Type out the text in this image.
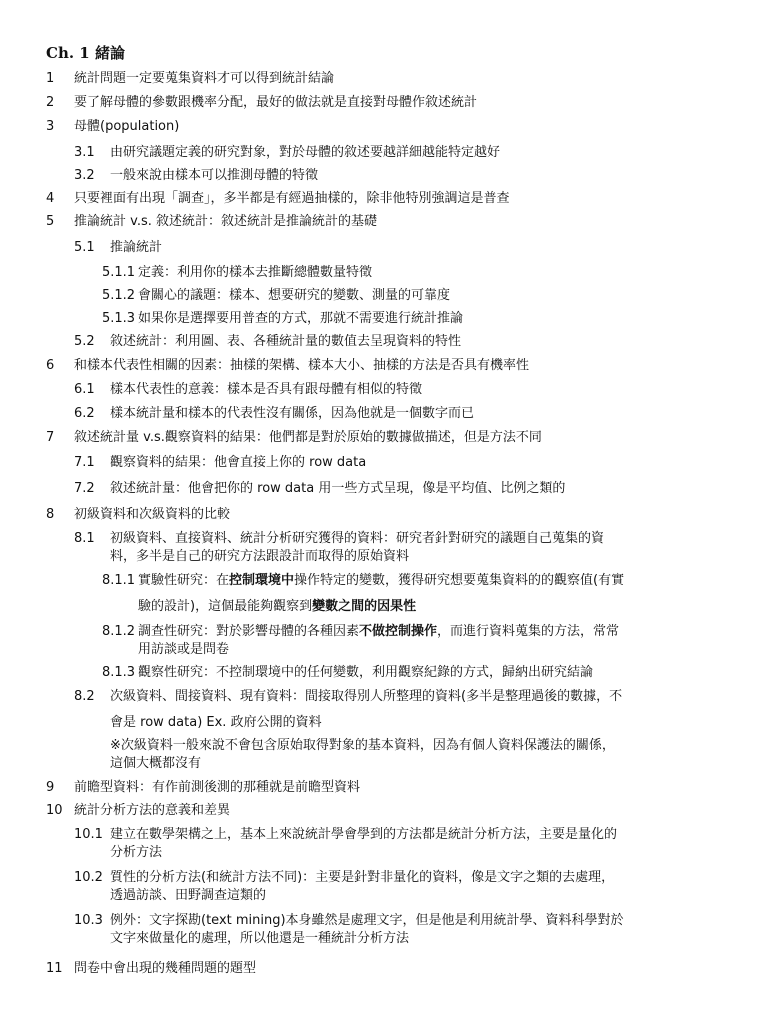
Ch. 1 緒論
1 統計問題一定要蒐集資料才可以得到統計結論
2 要了解母體的參數跟機率分配，最好的做法就是直接對母體作敘述統計
3 母體(population)
3.1 由研究議題定義的研究對象，對於母體的敘述要越詳細越能特定越好
3.2 一般來說由樣本可以推測母體的特徵
4 只要裡面有出現「調查」，多半都是有經過抽樣的，除非他特別強調這是普查
5 推論統計 v.s. 敘述統計：敘述統計是推論統計的基礎
5.1 推論統計
5.1.1 定義：利用你的樣本去推斷總體數量特徵
5.1.2 會關心的議題：樣本、想要研究的變數、測量的可靠度
5.1.3 如果你是選擇要用普查的方式，那就不需要進行統計推論
5.2 敘述統計：利用圖、表、各種統計量的數值去呈現資料的特性
6 和樣本代表性相關的因素：抽樣的架構、樣本大小、抽樣的方法是否具有機率性
6.1 樣本代表性的意義：樣本是否具有跟母體有相似的特徵
6.2 樣本統計量和樣本的代表性沒有關係，因為他就是一個數字而已
7 敘述統計量 v.s.觀察資料的結果：他們都是對於原始的數據做描述，但是方法不同
7.1 觀察資料的結果：他會直接上你的 row data
7.2 敘述統計量：他會把你的 row data 用一些方式呈現，像是平均值、比例之類的
8 初級資料和次級資料的比較
8.1 初級資料、直接資料、統計分析研究獲得的資料：研究者針對研究的議題自己蒐集的資
料，多半是自己的研究方法跟設計而取得的原始資料
8.1.1 實驗性研究：在控制環境中操作特定的變數，獲得研究想要蒐集資料的的觀察值(有實
驗的設計)，這個最能夠觀察到變數之間的因果性
8.1.2 調查性研究：對於影響母體的各種因素不做控制操作，而進行資料蒐集的方法，常常
用訪談或是問卷
8.1.3 觀察性研究：不控制環境中的任何變數，利用觀察紀錄的方式，歸納出研究結論
8.2 次級資料、間接資料、現有資料：間接取得別人所整理的資料(多半是整理過後的數據，不
會是 row data) Ex. 政府公開的資料
※次級資料一般來說不會包含原始取得對象的基本資料，因為有個人資料保護法的關係，
這個大概都沒有
9 前瞻型資料：有作前測後測的那種就是前瞻型資料
10 統計分析方法的意義和差異
10.1 建立在數學架構之上，基本上來說統計學會學到的方法都是統計分析方法，主要是量化的
分析方法
10.2 質性的分析方法(和統計方法不同)：主要是針對非量化的資料，像是文字之類的去處理，
透過訪談、田野調查這類的
10.3 例外：文字探勘(text mining)本身雖然是處理文字，但是他是利用統計學、資料科學對於
文字來做量化的處理，所以他還是一種統計分析方法
11 問卷中會出現的幾種問題的題型
